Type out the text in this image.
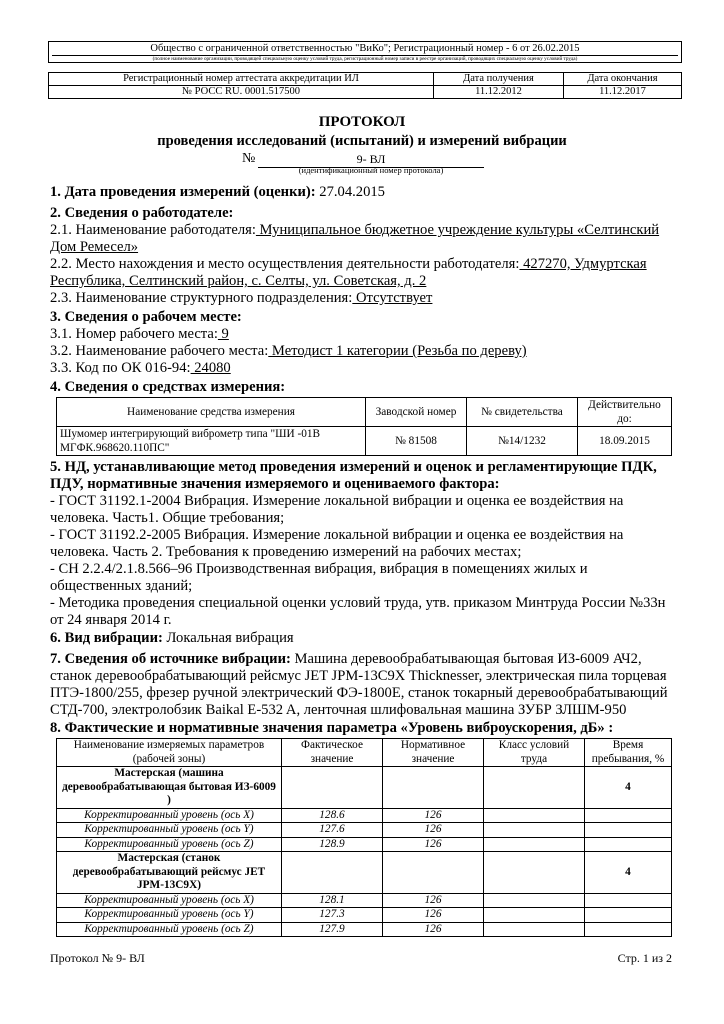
Общество с ограниченной ответственностью "ВиКо"; Регистрационный номер - 6 от 26.02.2015
(полное наименование организации, проводящей специальную оценку условий труда, регистрационный номер записи в реестре организаций, проводящих специальную оценку условий труда)
Регистрационный номер аттестата аккредитации ИЛ	Дата получения	Дата окончания
№ РОСС RU. 0001.517500	11.12.2012	11.12.2017
ПРОТОКОЛ
проведения исследований (испытаний) и измерений вибрации
№	9- ВЛ
(идентификационный номер протокола)
1. Дата проведения измерений (оценки): 27.04.2015
2. Сведения о работодателе:
2.1. Наименование работодателя: Муниципальное бюджетное учреждение культуры «Селтинский
Дом Ремесел»
2.2. Место нахождения и место осуществления деятельности работодателя: 427270, Удмуртская
Республика, Селтинский район, с. Селты, ул. Советская, д. 2
2.3. Наименование структурного подразделения: Отсутствует
3. Сведения о рабочем месте:
3.1. Номер рабочего места: 9
3.2. Наименование рабочего места: Методист 1 категории (Резьба по дереву)
3.3. Код по ОК 016-94: 24080
4. Сведения о средствах измерения:
Наименование средства измерения	Заводской номер	№ свидетельства	Действительно до:
Шумомер интегрирующий виброметр типа "ШИ -01В МГФК.968620.110ПС"	№ 81508	№14/1232	18.09.2015
5. НД, устанавливающие метод проведения измерений и оценок и регламентирующие ПДК,
ПДУ, нормативные значения измеряемого и оцениваемого фактора:
- ГОСТ 31192.1-2004 Вибрация. Измерение локальной вибрации и оценка ее воздействия на
человека. Часть1. Общие требования;
- ГОСТ 31192.2-2005 Вибрация. Измерение локальной вибрации и оценка ее воздействия на
человека. Часть 2. Требования к проведению измерений на рабочих местах;
- СН 2.2.4/2.1.8.566–96 Производственная вибрация, вибрация в помещениях жилых и
общественных зданий;
- Методика проведения специальной оценки условий труда, утв. приказом Минтруда России №33н
от 24 января 2014 г.
6. Вид вибрации: Локальная вибрация
7. Сведения об источнике вибрации: Машина деревообрабатывающая бытовая ИЗ-6009 АЧ2,
станок деревообрабатывающий рейсмус JET JPM-13C9X Thicknesser, электрическая пила торцевая
ПТЭ-1800/255, фрезер ручной электрический ФЭ-1800Е, станок токарный деревообрабатывающий
СТД-700, электролобзик Baikal E-532 A, ленточная шлифовальная машина ЗУБР ЗЛШМ-950
8. Фактические и нормативные значения параметра «Уровень виброускорения, дБ» :
Наименование измеряемых параметров (рабочей зоны)	Фактическое значение	Нормативное значение	Класс условий труда	Время пребывания, %
Мастерская (машина деревообрабатывающая бытовая ИЗ-6009 )				4
Корректированный уровень (ось X)	128.6	126		
Корректированный уровень (ось Y)	127.6	126		
Корректированный уровень (ось Z)	128.9	126		
Мастерская (станок деревообрабатывающий рейсмус JET JPM-13C9X)				4
Корректированный уровень (ось X)	128.1	126		
Корректированный уровень (ось Y)	127.3	126		
Корректированный уровень (ось Z)	127.9	126		
Протокол № 9- ВЛ	Стр. 1 из 2
